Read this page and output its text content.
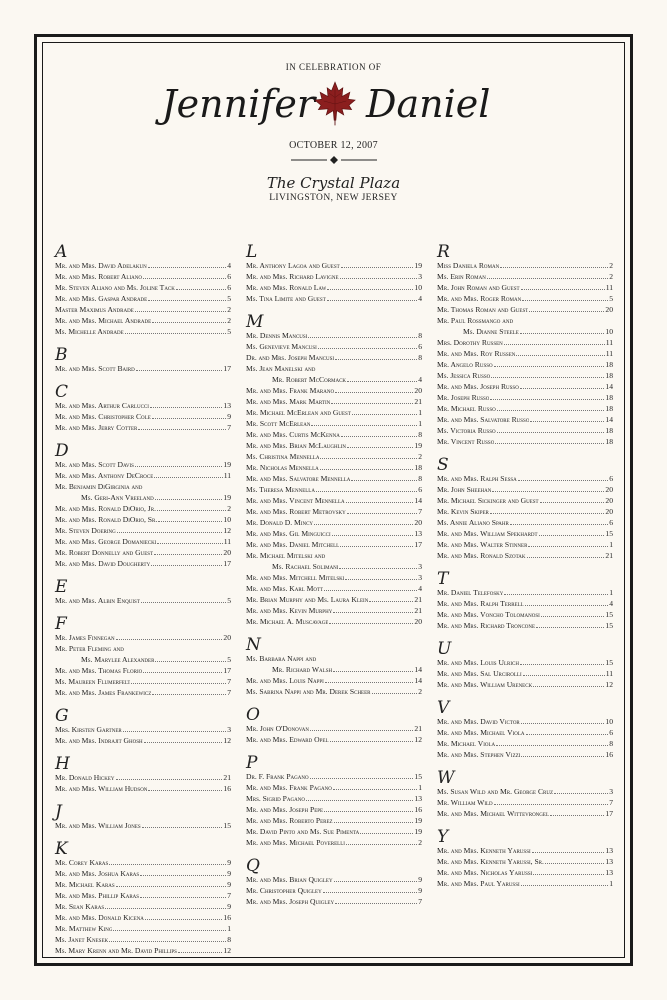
IN CELEBRATION OF
Jennifer Daniel
OCTOBER 12, 2007
The Crystal Plaza
LIVINGSTON, NEW JERSEY
A
Mr. and Mrs. David Adelakun	4
Mr. and Mrs. Robert Aliano	6
Mr. Steven Aliano and Ms. Joline Tack	6
Mr. and Mrs. Gaspar Andrade	5
Master Maximus Andrade	2
Mr. and Mrs. Michael Andrade	2
Ms. Michelle Andrade	5
B
Mr. and Mrs. Scott Baird	17
C
Mr. and Mrs. Arthur Carlucci	13
Mr. and Mrs. Christopher Cole	9
Mr. and Mrs. Jerry Cotter	7
D
Mr. and Mrs. Scott Davis	19
Mr. and Mrs. Anthony DeCroce	11
Mr. Benjamin DiGirginia and
Ms. Geri-Ann Vreeland	19
Mr. and Mrs. Ronald DiOrio, Jr.	2
Mr. and Mrs. Ronald DiOrio, Sr.	10
Mr. Steven Doering	12
Mr. and Mrs. George Domaniecki	11
Mr. Robert Donnelly and Guest	20
Mr. and Mrs. David Dougherty	17
E
Mr. and Mrs. Albin Enquist	5
F
Mr. James Finnegan	20
Mr. Peter Fleming and
Ms. Marylee Alexander	5
Mr. and Mrs. Thomas Florio	17
Ms. Maureen Flumerfelt	7
Mr. and Mrs. James Frankewicz	7
G
Mrs. Kirsten Gartner	3
Mr. and Mrs. Indrajit Ghosh	12
H
Mr. Donald Hickey	21
Mr. and Mrs. William Hudson	16
J
Mr. and Mrs. William Jones	15
K
Mr. Corey Karas	9
Mr. and Mrs. Joshua Karas	9
Mr. Michael Karas	9
Mr. and Mrs. Phillip Karas	7
Mr. Sean Karas	9
Mr. and Mrs. Donald Kicena	16
Mr. Matthew King	1
Ms. Janet Knesek	8
Ms. Mary Krenn and Mr. David Phillips	12
L
Mr. Anthony Lagoa and Guest	19
Mr. and Mrs. Richard Lavigne	3
Mr. and Mrs. Ronald Law	10
Ms. Tina Limite and Guest	4
M
Mr. Dennis Mancusi	8
Ms. Genevieve Mancusi	6
Dr. and Mrs. Joseph Mancusi	8
Ms. Jean Manelski and
Mr. Robert McCormack	4
Mr. and Mrs. Frank Marano	20
Mr. and Mrs. Mark Martin	21
Mr. Michael McErlean and Guest	1
Mr. Scott McErlean	1
Mr. and Mrs. Curtis McKenna	8
Mr. and Mrs. Brian McLaughlin	19
Ms. Christina Mennella	2
Mr. Nicholas Mennella	18
Mr. and Mrs. Salvatore Mennella	8
Ms. Theresa Mennella	6
Mr. and Mrs. Vincent Mennella	14
Mr. and Mrs. Robert Metrovsky	7
Mr. Donald D. Mincy	20
Mr. and Mrs. Gil Minguicci	13
Mr. and Mrs. Daniel Mitchell	17
Mr. Michael Mitelski and
Ms. Rachael Solimani	3
Mr. and Mrs. Mitchell Mitelski	3
Mr. and Mrs. Karl Mott	4
Mr. Brian Murphy and Ms. Laura Klein	21
Mr. and Mrs. Kevin Murphy	21
Mr. Michael A. Muscavage	20
N
Ms. Barbara Nappi and
Mr. Richard Walsh	14
Mr. and Mrs. Louis Nappi	14
Ms. Sabrina Nappi and Mr. Derek Scheer	2
O
Mr. John O'Donovan	21
Mr. and Mrs. Edward Opel	12
P
Dr. F. Frank Pagano	15
Mr. and Mrs. Frank Pagano	1
Mrs. Sigrid Pagano	13
Mr. and Mrs. Joseph Pepe	16
Mr. and Mrs. Roberto Perez	19
Mr. David Pinto and Ms. Sue Pimenta	19
Mr. and Mrs. Michael Poverelli	2
Q
Mr. and Mrs. Brian Quigley	9
Mr. Christopher Quigley	9
Mr. and Mrs. Joseph Quigley	7
R
Miss Daniela Roman	2
Ms. Erin Roman	2
Mr. John Roman and Guest	11
Mr. and Mrs. Roger Roman	5
Mr. Thomas Roman and Guest	20
Mr. Paul Rossmango and
Ms. Dianne Steele	10
Mrs. Dorothy Russen	11
Mr. and Mrs. Roy Russen	11
Mr. Angelo Russo	18
Ms. Jessica Russo	18
Mr. and Mrs. Joseph Russo	14
Mr. Joseph Russo	18
Mr. Michael Russo	18
Mr. and Mrs. Salvatore Russo	14
Ms. Victoria Russo	18
Mr. Vincent Russo	18
S
Mr. and Mrs. Ralph Sessa	6
Mr. John Sheehan	20
Mr. Michael Sickinger and Guest	20
Mr. Kevin Skiper	20
Ms. Annie Aliano Spahr	6
Mr. and Mrs. William Spekhardt	15
Mr. and Mrs. Walter Stinner	1
Mr. and Mrs. Ronald Szotak	21
T
Mr. Daniel Telefosky	1
Mr. and Mrs. Ralph Terrell	4
Mr. and Mrs. Voncho Tolomanosi	15
Mr. and Mrs. Richard Troncone	15
U
Mr. and Mrs. Louis Ulrich	15
Mr. and Mrs. Sal Urcirolli	11
Mr. and Mrs. William Ureneck	12
V
Mr. and Mrs. David Victor	10
Mr. and Mrs. Michael Viola	6
Mr. Michael Viola	8
Mr. and Mrs. Stephen Vizzi	16
W
Ms. Susan Wild and Mr. George Cruz	3
Mr. William Wild	7
Mr. and Mrs. Michael Wittevrongel	17
Y
Mr. and Mrs. Kenneth Yarussi	13
Mr. and Mrs. Kenneth Yarussi, Sr.	13
Mr. and Mrs. Nicholas Yarussi	13
Mr. and Mrs. Paul Yarussi	1
